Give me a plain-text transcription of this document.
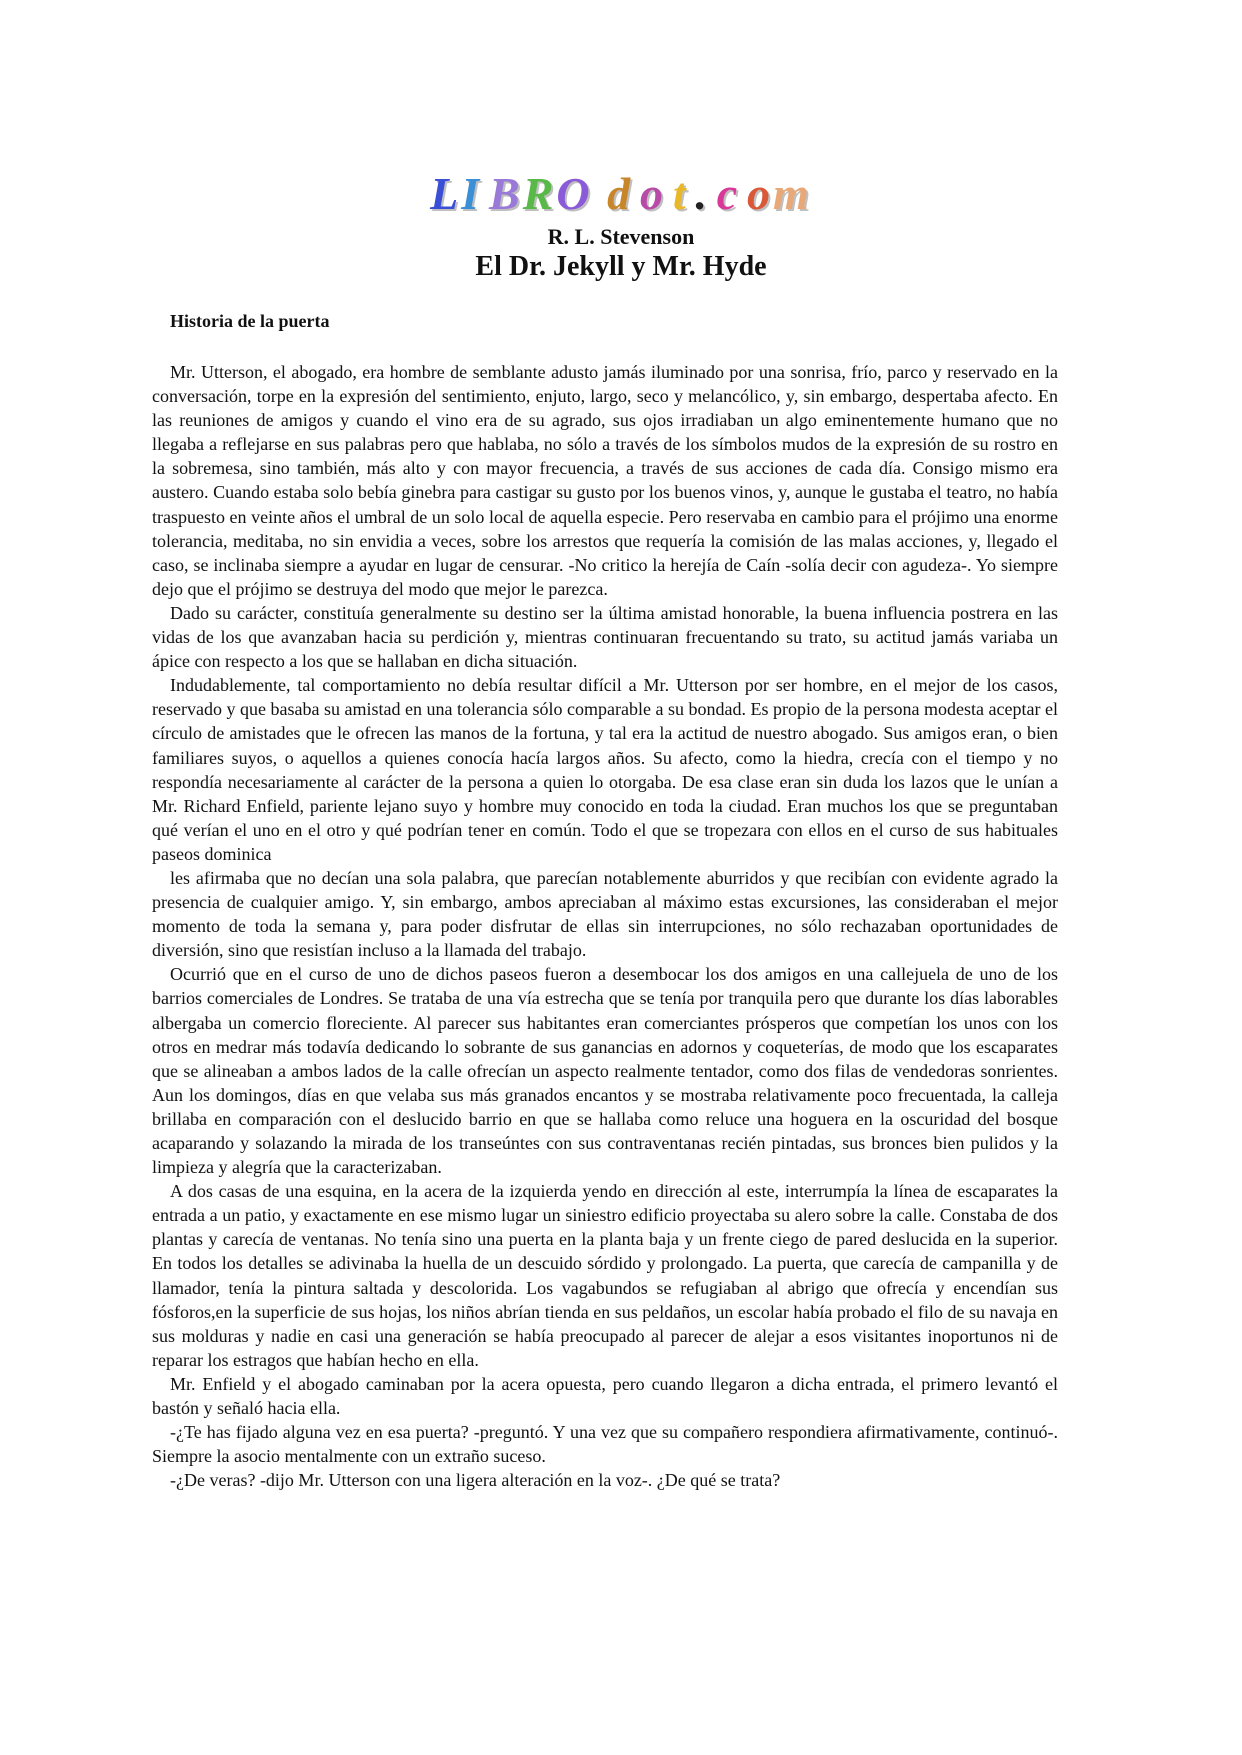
LI  BRO d  o  t  .  c  om
R. L. Stevenson
El Dr. Jekyll y Mr. Hyde
Historia de la puerta

Mr. Utterson, el abogado, era hombre de semblante adusto jamás iluminado por una sonrisa, frío, parco y reservado en la conversación, torpe en la expresión del sentimiento, enjuto, largo, seco y melancólico, y, sin embargo, despertaba afecto. En las reuniones de amigos y cuando el vino era de su agrado, sus ojos irradiaban un algo eminentemente humano que no llegaba a reflejarse en sus palabras pero que hablaba, no sólo a través de los símbolos mudos de la expresión de su rostro en la sobremesa, sino también, más alto y con mayor frecuencia, a través de sus acciones de cada día. Consigo mismo era austero. Cuando estaba solo bebía ginebra para castigar su gusto por los buenos vinos, y, aunque le gustaba el teatro, no había traspuesto en veinte años el umbral de un solo local de aquella especie. Pero reservaba en cambio para el prójimo una enorme tolerancia, meditaba, no sin envidia a veces, sobre los arrestos que requería la comisión de las malas acciones, y, llegado el caso, se inclinaba siempre a ayudar en lugar de censurar. -No critico la herejía de Caín -solía decir con agudeza-. Yo siempre dejo que el prójimo se destruya del modo que mejor le parezca.

Dado su carácter, constituía generalmente su destino ser la última amistad honorable, la buena influencia postrera en las vidas de los que avanzaban hacia su perdición y, mientras continuaran frecuentando su trato, su actitud jamás variaba un ápice con respecto a los que se hallaban en dicha situación.

Indudablemente, tal comportamiento no debía resultar difícil a Mr. Utterson por ser hombre, en el mejor de los casos, reservado y que basaba su amistad en una tolerancia sólo comparable a su bondad. Es propio de la persona modesta aceptar el círculo de amistades que le ofrecen las manos de la fortuna, y tal era la actitud de nuestro abogado. Sus amigos eran, o bien familiares suyos, o aquellos a quienes conocía hacía largos años. Su afecto, como la hiedra, crecía con el tiempo y no respondía necesariamente al carácter de la persona a quien lo otorgaba. De esa clase eran sin duda los lazos que le unían a Mr. Richard Enfield, pariente lejano suyo y hombre muy conocido en toda la ciudad. Eran muchos los que se preguntaban qué verían el uno en el otro y qué podrían tener en común. Todo el que se tropezara con ellos en el curso de sus habituales paseos dominica

les afirmaba que no decían una sola palabra, que parecían notablemente aburridos y que recibían con evidente agrado la presencia de cualquier amigo. Y, sin embargo, ambos apreciaban al máximo estas excursiones, las consideraban el mejor momento de toda la semana y, para poder disfrutar de ellas sin interrupciones, no sólo rechazaban oportunidades de diversión, sino que resistían incluso a la llamada del trabajo.

Ocurrió que en el curso de uno de dichos paseos fueron a desembocar los dos amigos en una callejuela de uno de los barrios comerciales de Londres. Se trataba de una vía estrecha que se tenía por tranquila pero que durante los días laborables albergaba un comercio floreciente. Al parecer sus habitantes eran comerciantes prósperos que competían los unos con los otros en medrar más todavía dedicando lo sobrante de sus ganancias en adornos y coqueterías, de modo que los escaparates que se alineaban a ambos lados de la calle ofrecían un aspecto realmente tentador, como dos filas de vendedoras sonrientes. Aun los domingos, días en que velaba sus más granados encantos y se mostraba relativamente poco frecuentada, la calleja brillaba en comparación con el deslucido barrio en que se hallaba como reluce una hoguera en la oscuridad del bosque acaparando y solazando la mirada de los transeúntes con sus contraventanas recién pintadas, sus bronces bien pulidos y la limpieza y alegría que la caracterizaban.

A dos casas de una esquina, en la acera de la izquierda yendo en dirección al este, interrumpía la línea de escaparates la entrada a un patio, y exactamente en ese mismo lugar un siniestro edificio proyectaba su alero sobre la calle. Constaba de dos plantas y carecía de ventanas. No tenía sino una puerta en la planta baja y un frente ciego de pared deslucida en la superior. En todos los detalles se adivinaba la huella de un descuido sórdido y prolongado. La puerta, que carecía de campanilla y de llamador, tenía la pintura saltada y descolorida. Los vagabundos se refugiaban al abrigo que ofrecía y encendían sus fósforos,en la superficie de sus hojas, los niños abrían tienda en sus peldaños, un escolar había probado el filo de su navaja en sus molduras y nadie en casi una generación se había preocupado al parecer de alejar a esos visitantes inoportunos ni de reparar los estragos que habían hecho en ella.

Mr. Enfield y el abogado caminaban por la acera opuesta, pero cuando llegaron a dicha entrada, el primero levantó el bastón y señaló hacia ella.

-¿Te has fijado alguna vez en esa puerta? -preguntó. Y una vez que su compañero respondiera afirmativamente, continuó-. Siempre la asocio mentalmente con un extraño suceso.

-¿De veras? -dijo Mr. Utterson con una ligera alteración en la voz-. ¿De qué se trata?
